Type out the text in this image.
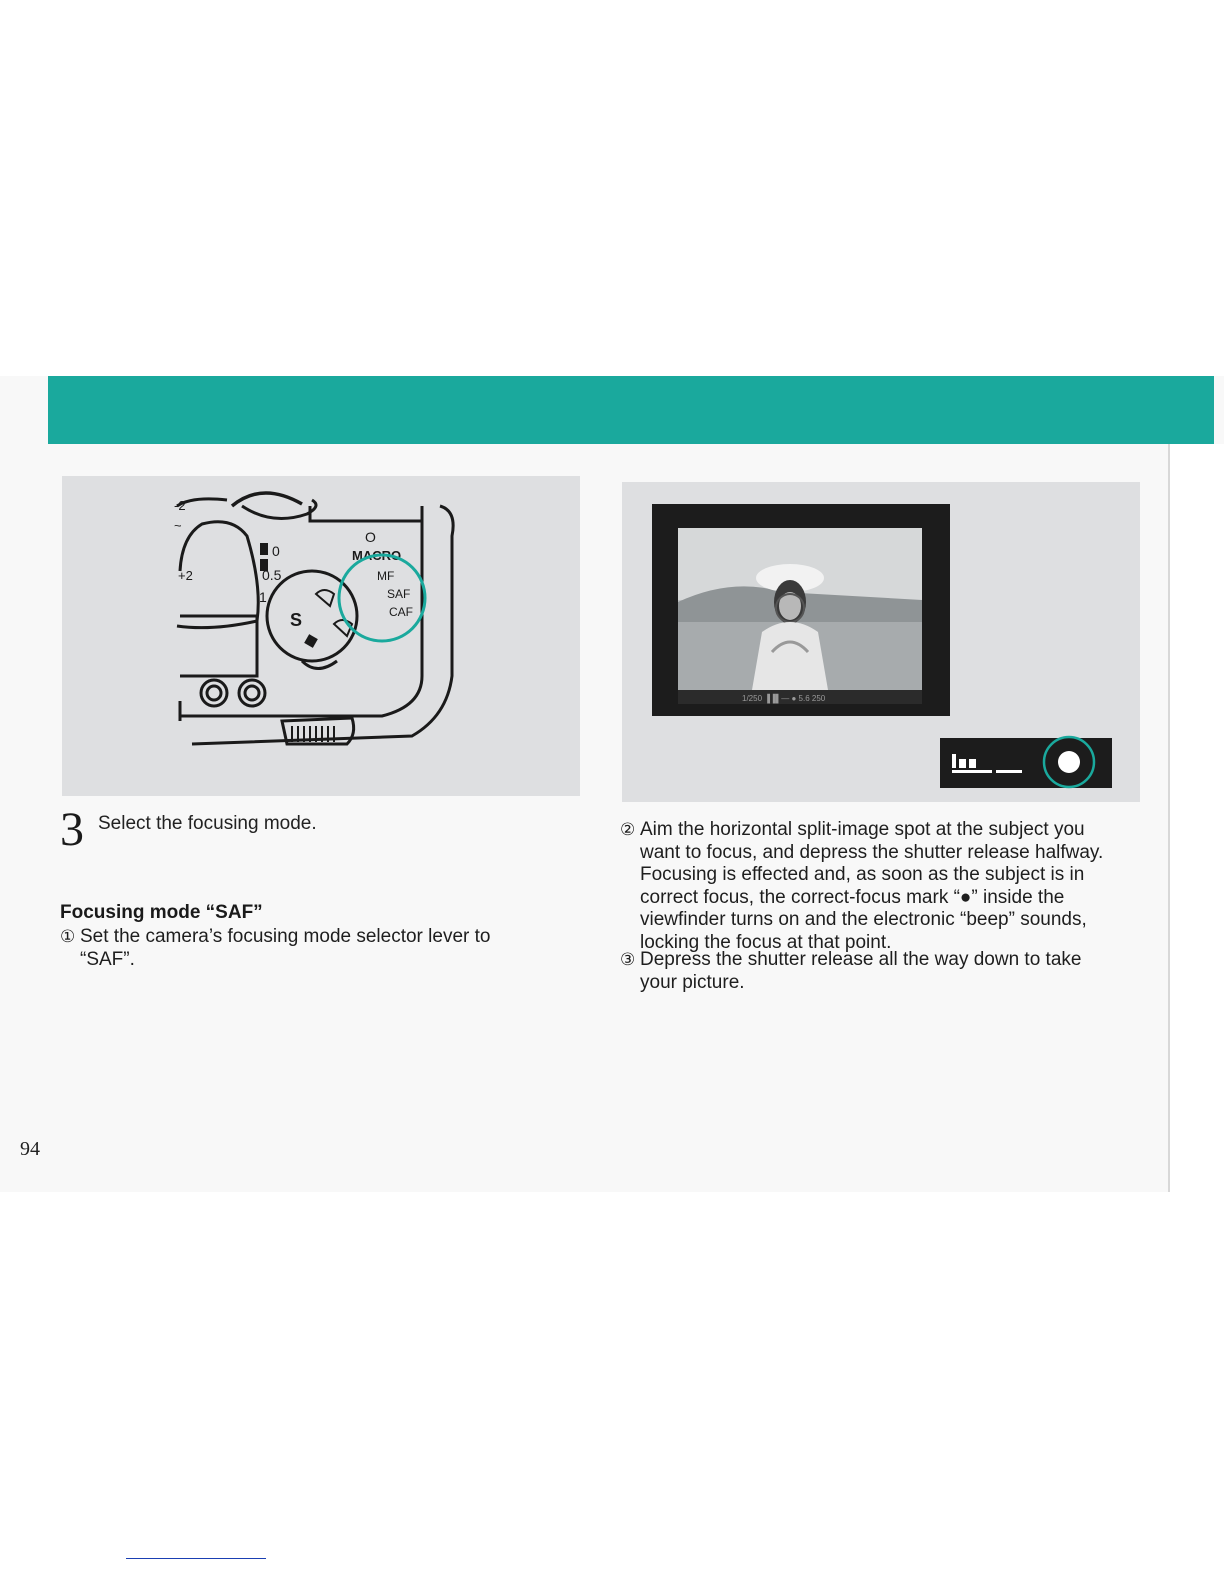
0
0.5
1
S
O
MACRO
MF
SAF
CAF
-2
~
+2
1/250 ▐▐▌— ● 5.6 250
3 Select the focusing mode.
Focusing mode “SAF”
① Set the camera’s focusing mode selector lever to
“SAF”.
② Aim the horizontal split-image spot at the subject you
want to focus, and depress the shutter release halfway. Focusing is effected and, as soon as the subject is in correct focus, the correct-focus mark “●” inside the viewfinder turns on and the electronic “beep” sounds, locking the focus at that point.
③ Depress the shutter release all the way down to take
your picture.
94
